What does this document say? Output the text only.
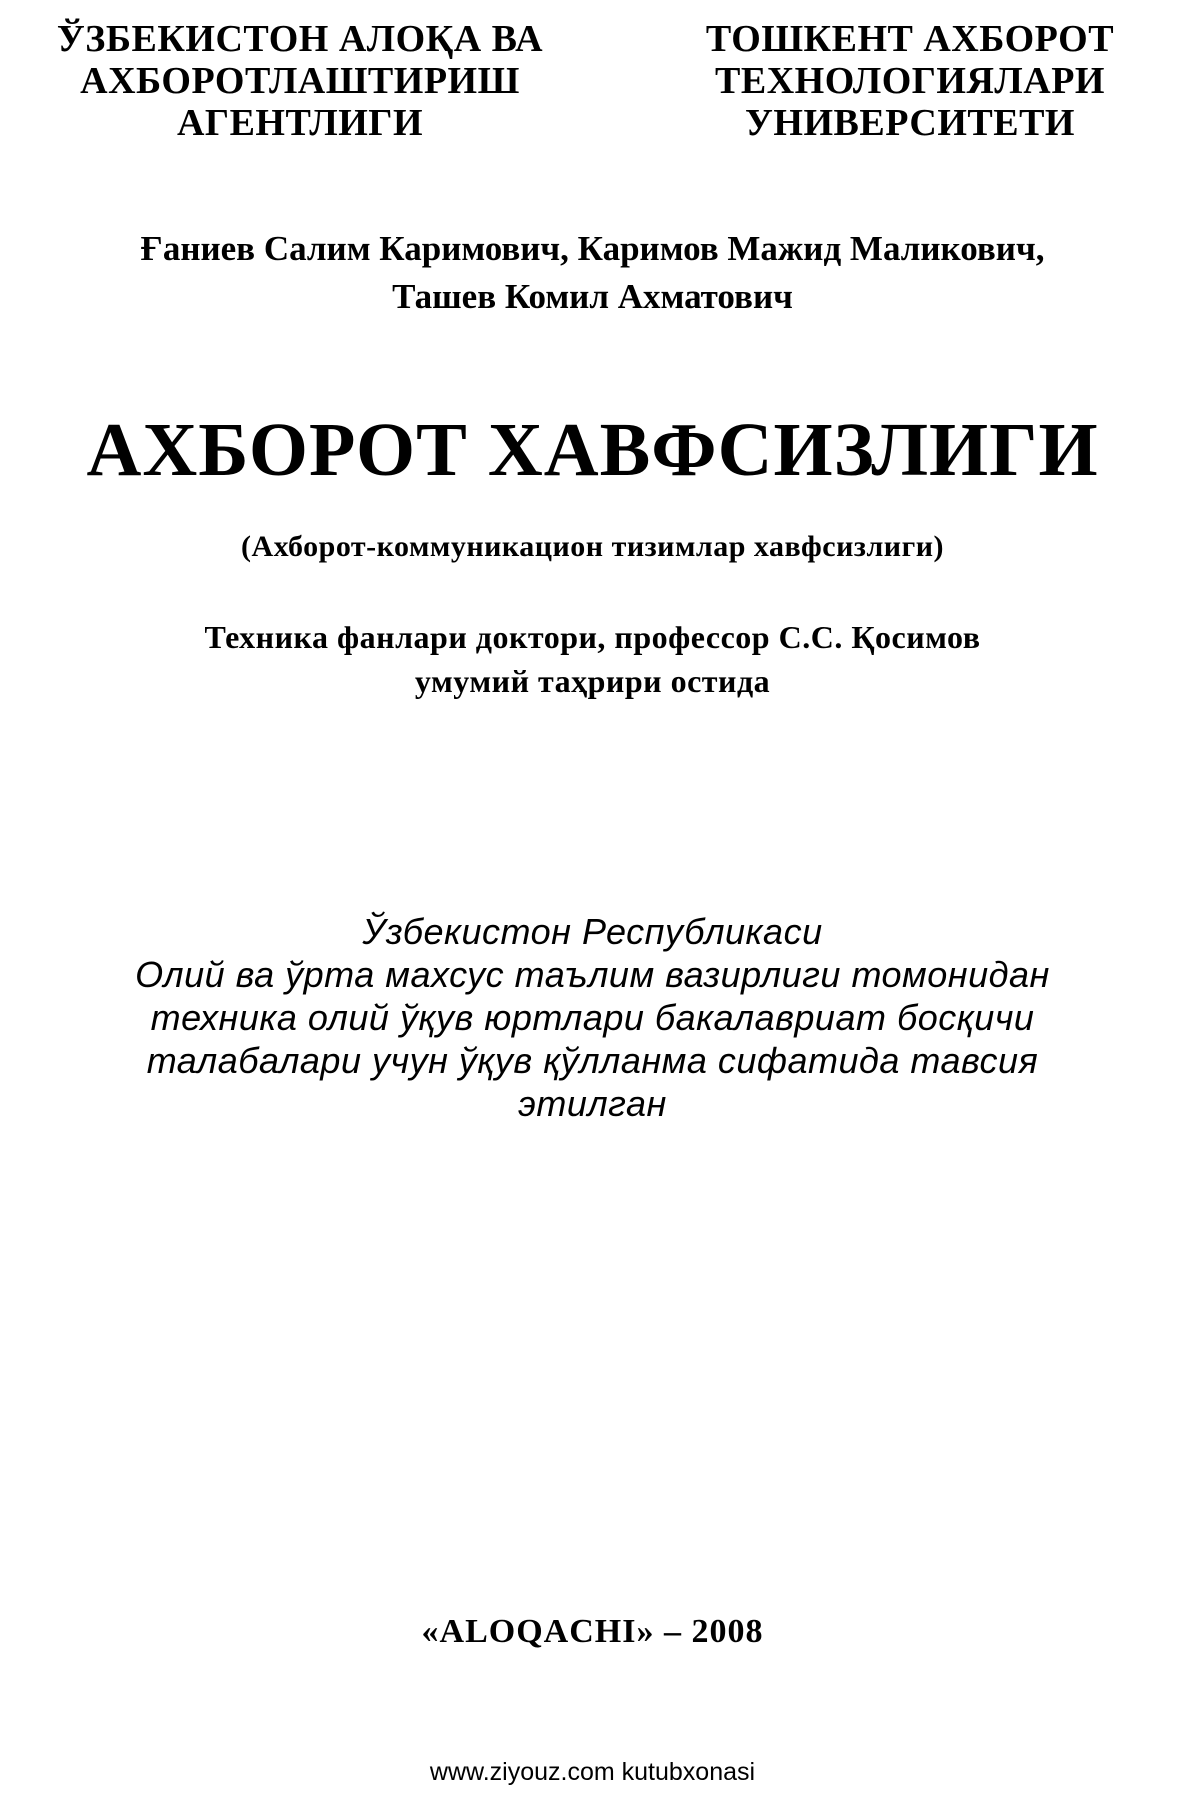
ЎЗБЕКИСТОН АЛОҚА ВА
АХБОРОТЛАШТИРИШ
АГЕНТЛИГИ
ТОШКЕНТ АХБОРОТ
ТЕХНОЛОГИЯЛАРИ
УНИВЕРСИТЕТИ
Ғаниев Салим Каримович, Каримов Мажид Маликович,
Ташев Комил Ахматович
АХБОРОТ ХАВФСИЗЛИГИ
(Ахборот-коммуникацион тизимлар хавфсизлиги)
Техника фанлари доктори, профессор С.С. Қосимов
умумий таҳрири остида
Ўзбекистон Республикаси
Олий ва ўрта махсус таълим вазирлиги томонидан
техника олий ўқув юртлари бакалавриат босқичи
талабалари учун ўқув қўлланма сифатида тавсия
этилган
«ALOQACHI» – 2008
www.ziyouz.com kutubxonasi
